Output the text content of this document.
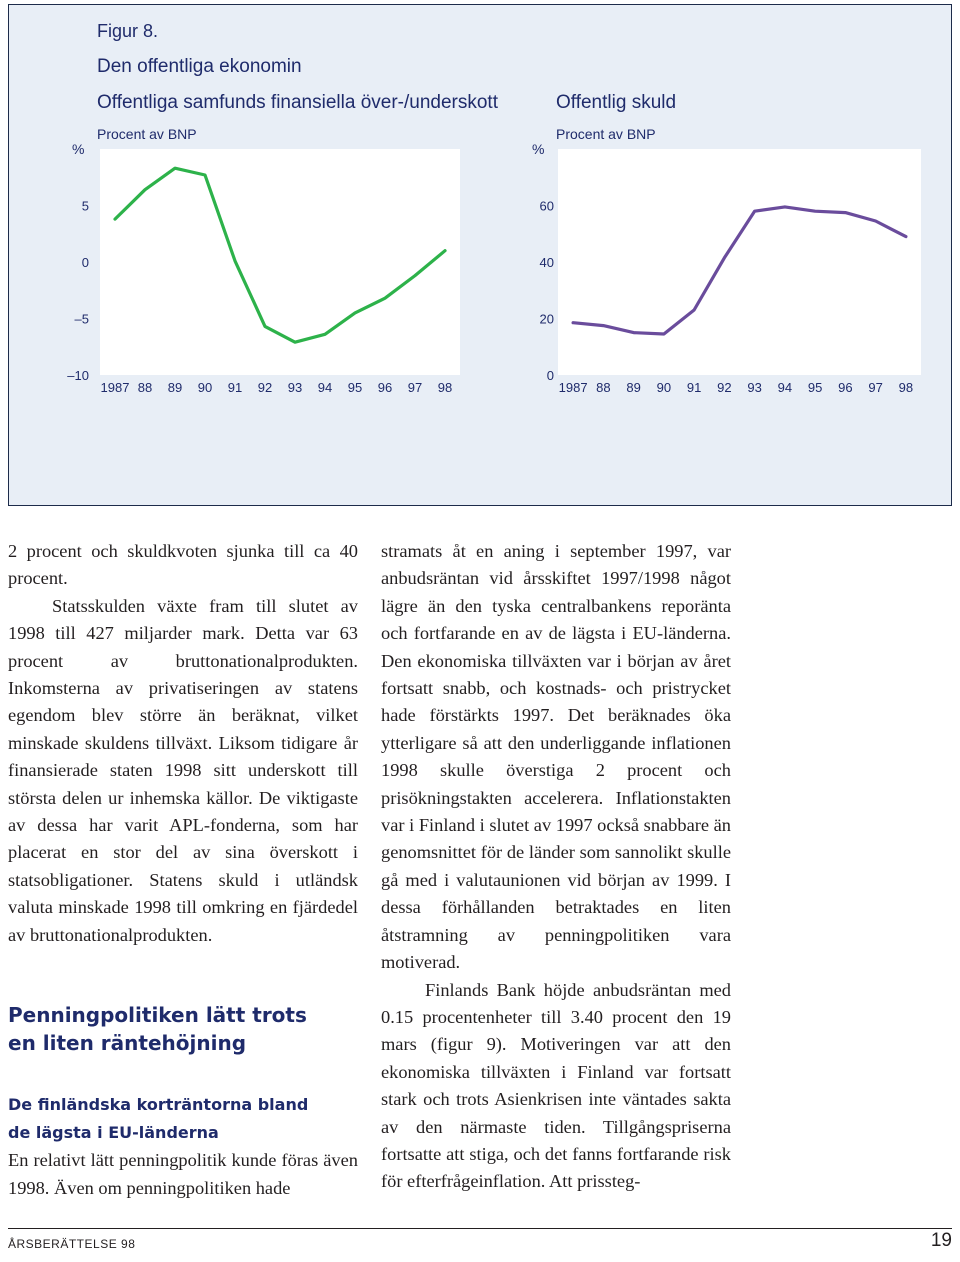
Figur 8.
Den offentliga ekonomin
Offentliga samfunds finansiella över-/underskott	Offentlig skuld
Procent av BNP	Procent av BNP
%	%
5
0
–5
–10
1987 88 89 90 91 92 93 94 95 96 97 98
60
40
20
0
1987 88 89 90 91 92 93 94 95 96 97 98

2 procent och skuldkvoten sjunka till ca 40 procent.

Statsskulden växte fram till slutet av 1998 till 427 miljarder mark. Detta var 63 procent av bruttonationalprodukten. Inkomsterna av privatiseringen av statens egendom blev större än beräknat, vilket minskade skuldens tillväxt. Liksom tidigare år finansierade staten 1998 sitt underskott till största delen ur inhemska källor. De viktigaste av dessa har varit APL-fonderna, som har placerat en stor del av sina överskott i statsobligationer. Statens skuld i utländsk valuta minskade 1998 till omkring en fjärdedel av bruttonationalprodukten.

Penningpolitiken lätt trots
en liten räntehöjning
De finländska korträntorna bland
de lägsta i EU-länderna

En relativt lätt penningpolitik kunde föras även 1998. Även om penningpolitiken hade

stramats åt en aning i september 1997, var anbudsräntan vid årsskiftet 1997/1998 något lägre än den tyska centralbankens reporänta och fortfarande en av de lägsta i EU-länderna. Den ekonomiska tillväxten var i början av året fortsatt snabb, och kostnads- och pristrycket hade förstärkts 1997. Det beräknades öka ytterligare så att den underliggande inflationen 1998 skulle överstiga 2 procent och prisökningstakten accelerera. Inflationstakten var i Finland i slutet av 1997 också snabbare än genomsnittet för de länder som sannolikt skulle gå med i valutaunionen vid början av 1999. I dessa förhållanden betraktades en liten åtstramning av penningpolitiken vara motiverad.

Finlands Bank höjde anbudsräntan med 0.15 procentenheter till 3.40 procent den 19 mars (figur 9). Motiveringen var att den ekonomiska tillväxten i Finland var fortsatt stark och trots Asienkrisen inte väntades sakta av den närmaste tiden. Tillgångspriserna fortsatte att stiga, och det fanns fortfarande risk för efterfrågeinflation. Att prissteg-

ÅRSBERÄTTELSE 98	19
